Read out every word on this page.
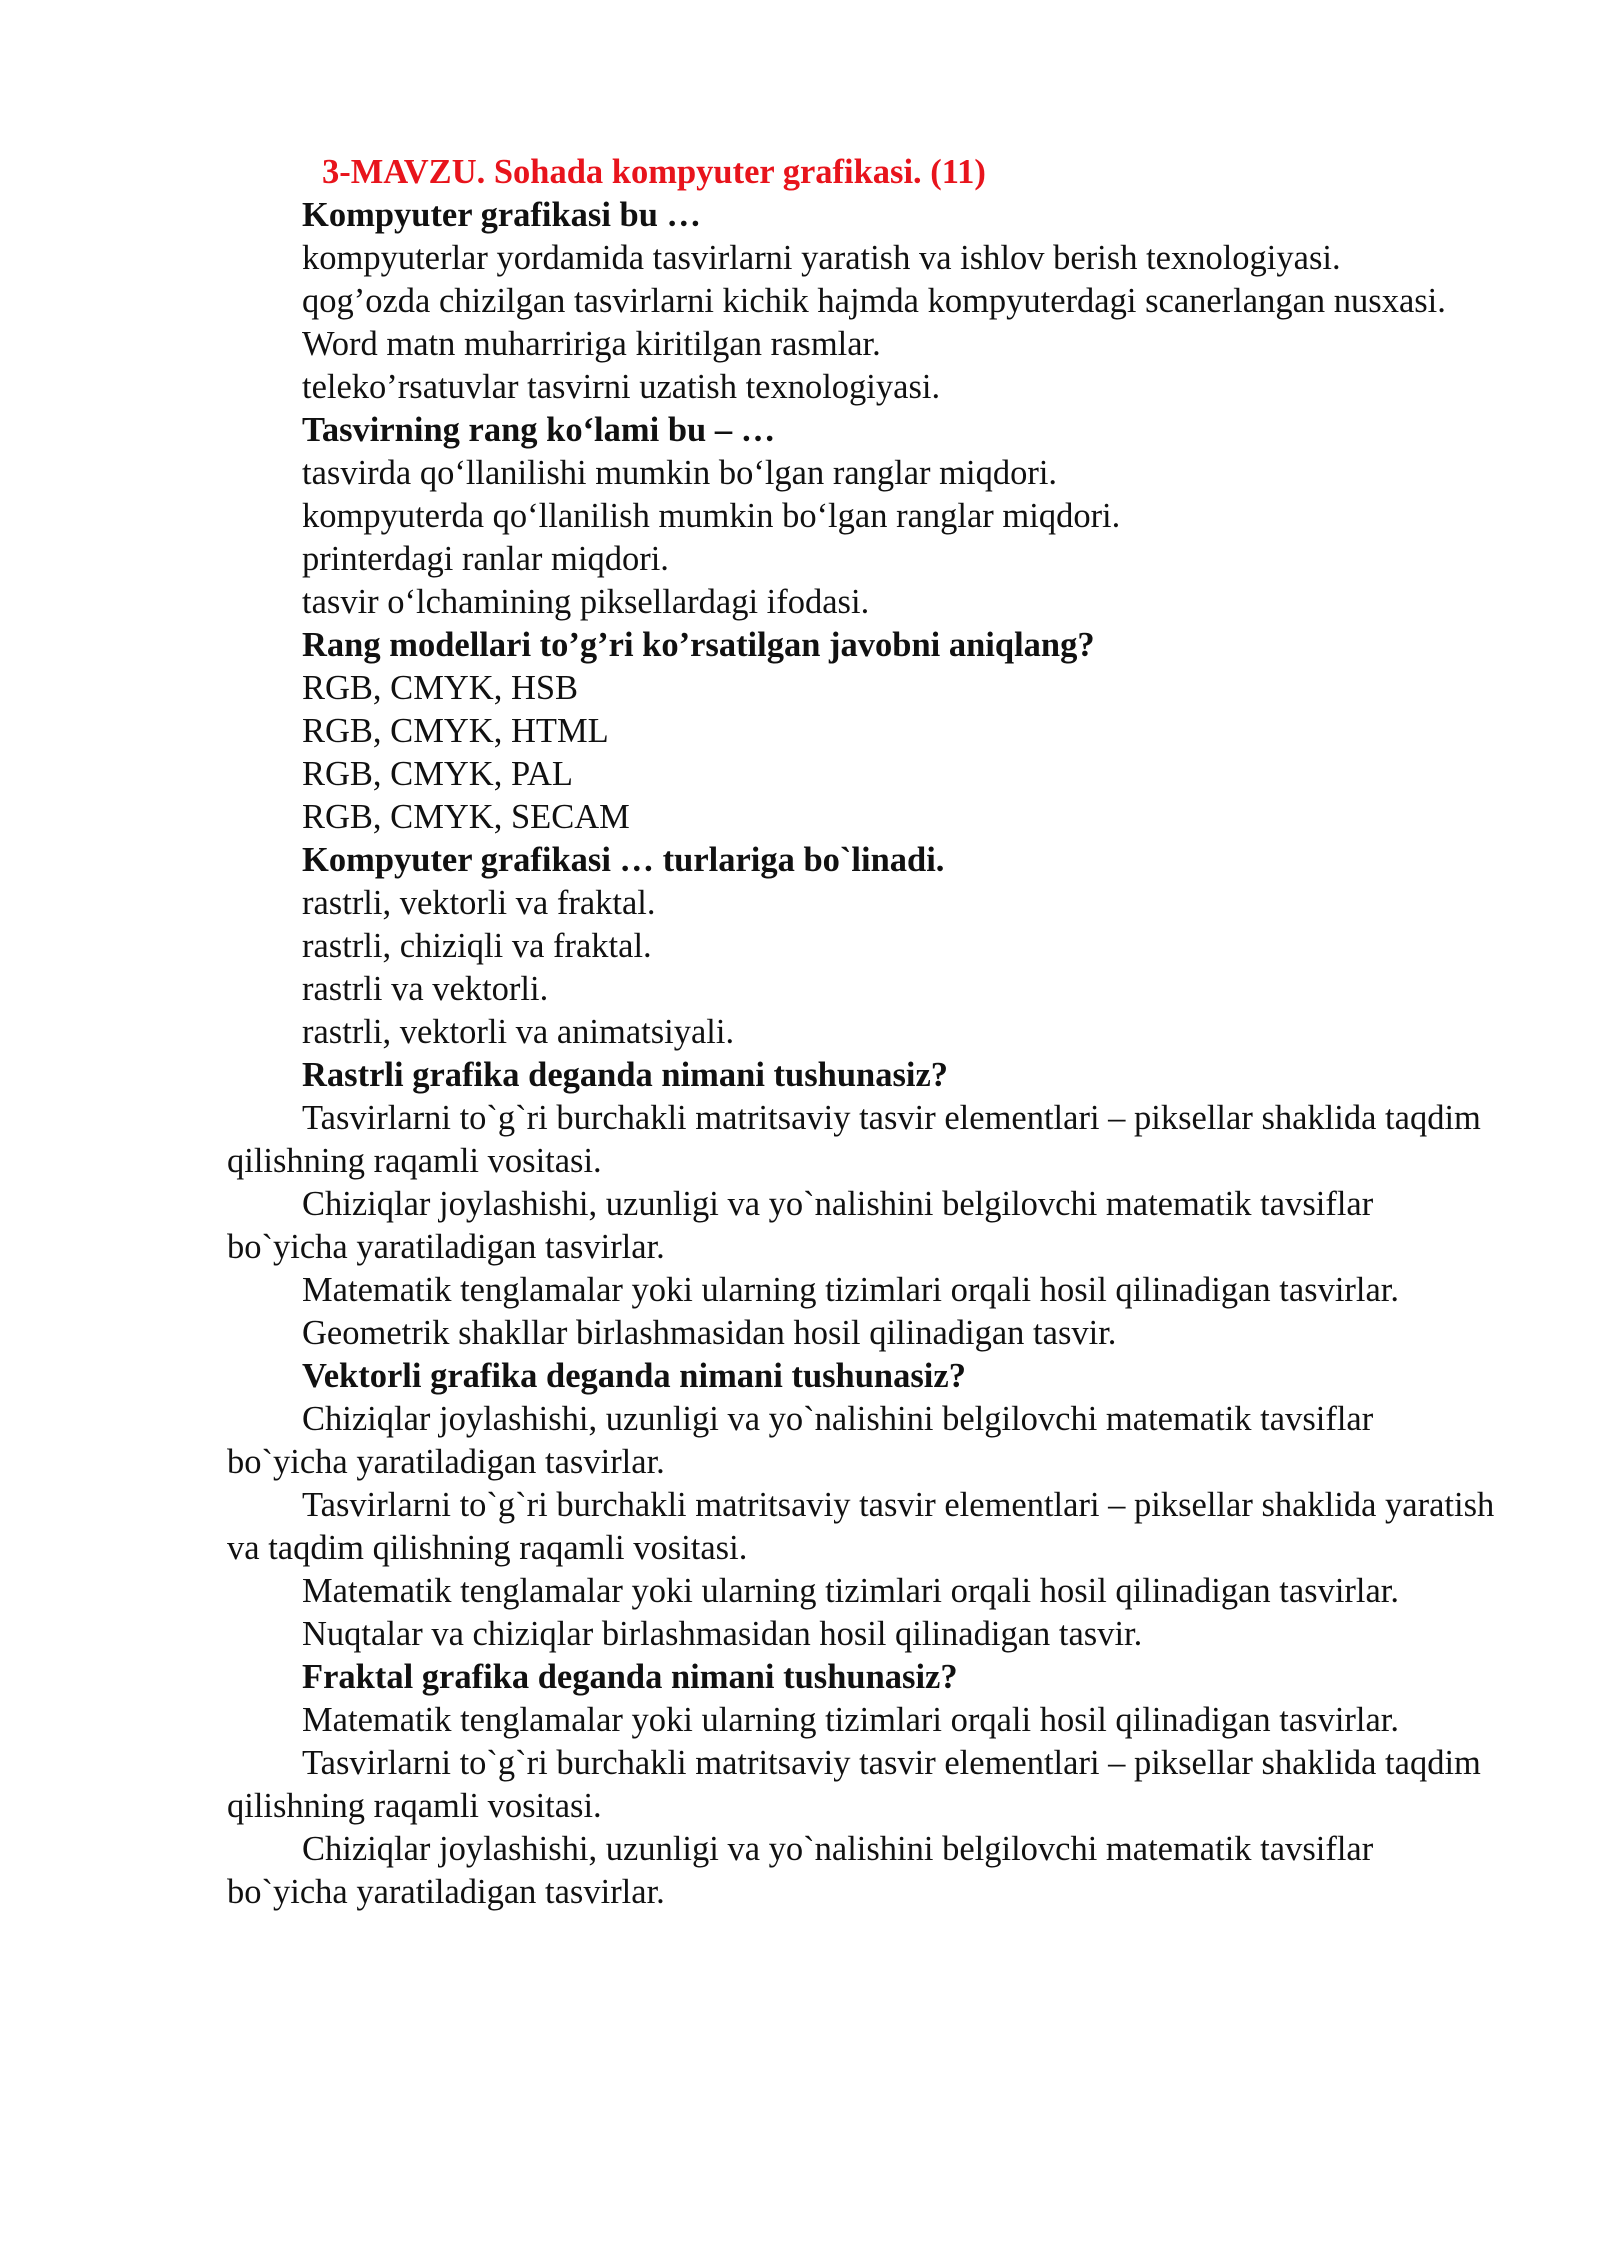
3-MAVZU. Sohada kompyuter grafikasi. (11)

Kompyuter grafikasi bu …

kompyuterlar yordamida tasvirlarni yaratish va ishlov berish texnologiyasi.

qog’ozda chizilgan tasvirlarni kichik hajmda kompyuterdagi scanerlangan nusxasi.

Word matn muharririga kiritilgan rasmlar.

teleko’rsatuvlar tasvirni uzatish texnologiyasi.

Tasvirning rang ko‘lami bu – …

tasvirda qo‘llanilishi mumkin bo‘lgan ranglar miqdori.

kompyuterda qo‘llanilish mumkin bo‘lgan ranglar miqdori.

printerdagi ranlar miqdori.

tasvir o‘lchamining piksellardagi ifodasi.

Rang modellari to’g’ri ko’rsatilgan javobni aniqlang?

RGB, CMYK, HSB

RGB, CMYK, HTML

RGB, CMYK, PAL

RGB, CMYK, SECAM

Kompyuter grafikasi … turlariga bo`linadi.

rastrli, vektorli va fraktal.

rastrli, chiziqli va fraktal.

rastrli va vektorli.

rastrli, vektorli va animatsiyali.

Rastrli grafika deganda nimani tushunasiz?

Tasvirlarni to`g`ri burchakli matritsaviy tasvir elementlari – piksellar shaklida taqdim qilishning raqamli vositasi.

Chiziqlar joylashishi, uzunligi va yo`nalishini belgilovchi matematik tavsiflar bo`yicha yaratiladigan tasvirlar.

Matematik tenglamalar yoki ularning tizimlari orqali hosil qilinadigan tasvirlar.

Geometrik shakllar birlashmasidan hosil qilinadigan tasvir.

Vektorli grafika deganda nimani tushunasiz?

Chiziqlar joylashishi, uzunligi va yo`nalishini belgilovchi matematik tavsiflar bo`yicha yaratiladigan tasvirlar.

Tasvirlarni to`g`ri burchakli matritsaviy tasvir elementlari – piksellar shaklida yaratish va taqdim qilishning raqamli vositasi.

Matematik tenglamalar yoki ularning tizimlari orqali hosil qilinadigan tasvirlar.

Nuqtalar va chiziqlar birlashmasidan hosil qilinadigan tasvir.

Fraktal grafika deganda nimani tushunasiz?

Matematik tenglamalar yoki ularning tizimlari orqali hosil qilinadigan tasvirlar.

Tasvirlarni to`g`ri burchakli matritsaviy tasvir elementlari – piksellar shaklida taqdim qilishning raqamli vositasi.

Chiziqlar joylashishi, uzunligi va yo`nalishini belgilovchi matematik tavsiflar bo`yicha yaratiladigan tasvirlar.
